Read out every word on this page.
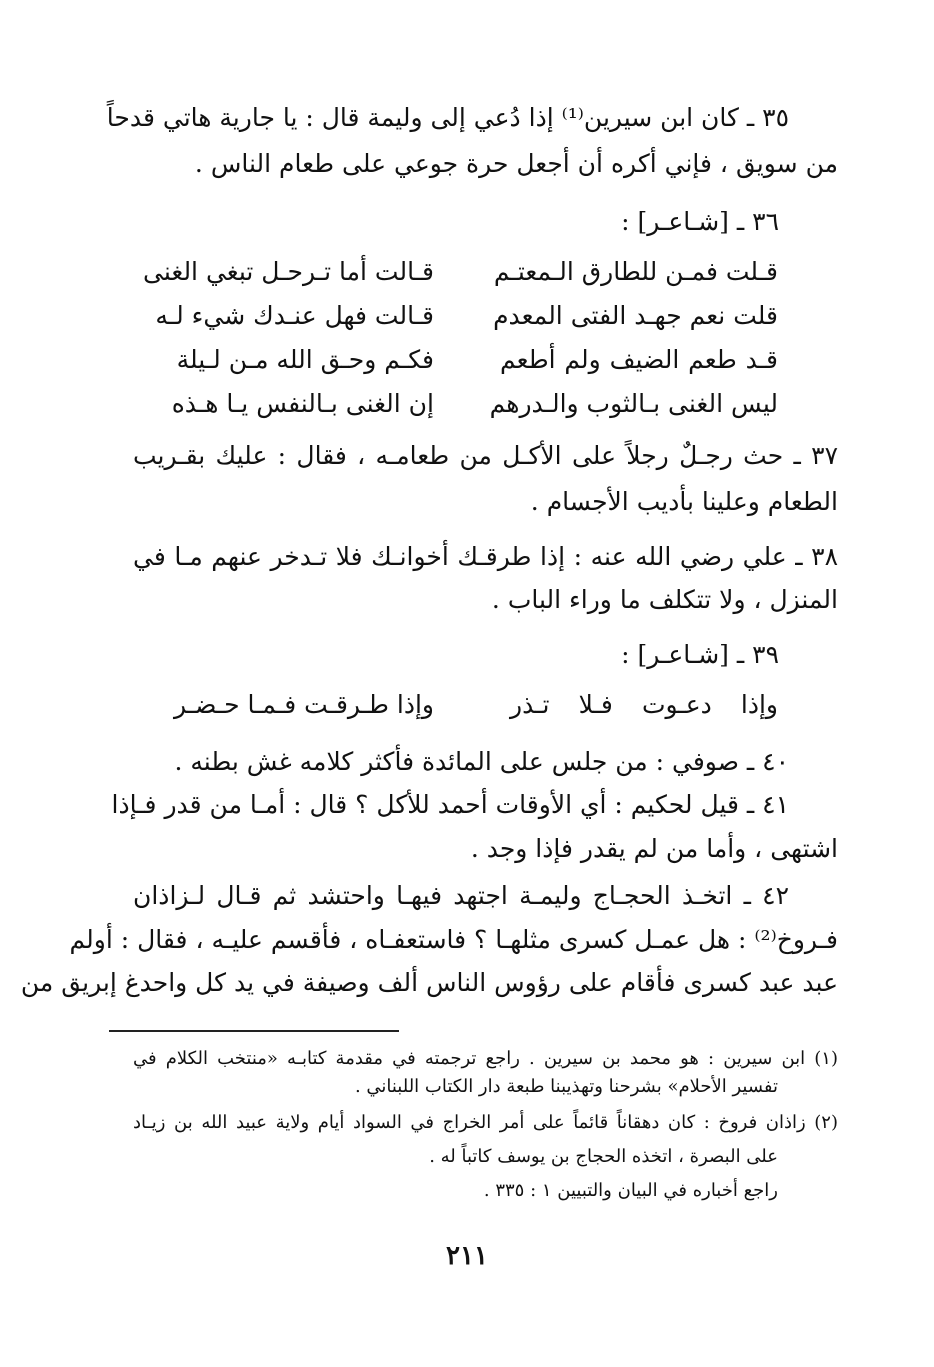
٣٥ ـ كان ابن سيرين⁽¹⁾ إذا دُعي إلى وليمة قال : يا جارية هاتي قدحاً
من سويق ، فإني أكره أن أجعل حرة جوعي على طعام الناس .
٣٦ ـ [شـاعـر] :
قـالت أما تـرحـل تبغي الغنى قـلت فمـن للطارق الـمعتـم
قـالت فهل عنـدك شيء لـه قلت نعم جهـد الفتى المعدم
فكـم وحـق الله مـن لـيلة	قـد طعم الضيف ولم أطعم
إن الغنى بـالنفس يـا هـذه ليس الغنى بـالثوب والـدرهم
٣٧ ـ حث رجـلٌ رجلاً على الأكـل من طعامـه ، فقال : عليك بقـريب
الطعام وعلينا بأديب الأجسام .
٣٨ ـ علي رضي الله عنه : إذا طرقـك أخوانـك فلا تـدخر عنهم مـا في
المنزل ، ولا تتكلف ما وراء الباب .
٣٩ ـ [شـاعـر] :
وإذا دعـوت فـلا تـذر
وإذا طـرقـت فـمـا حـضـر
٤٠ ـ صوفي : من جلس على المائدة فأكثر كلامه غش بطنه .
٤١ ـ قيل لحكيم : أي الأوقات أحمد للأكل ؟ قال : أمـا من قدر فـإذا
اشتهى ، وأما من لم يقدر فإذا وجد .
٤٢ ـ اتخـذ الحجـاج وليمـة اجتهد فيهـا واحتشد ثم قـال لـزاذان
فـروخ⁽²⁾ : هل عمـل كسرى مثلهـا ؟ فاستعفـاه ، فأقسم عليـه ، فقال : أولم
عبد عبد كسرى فأقام على رؤوس الناس ألف وصيفة في يد كل واحدغ إبريق من
(١) ابن سيرين : هو محمد بن سيرين . راجع ترجمته في مقدمة كتابـه «منتخب الكلام في
تفسير الأحلام» بشرحنا وتهذيبنا طبعة دار الكتاب اللبناني .
(٢) زاذان فروخ : كان دهقاناً قائماً على أمر الخراج في السواد أيام ولاية عبيد الله بن زيـاد
على البصرة ، اتخذه الحجاج بن يوسف كاتباً له .
راجع أخباره في البيان والتبيين ١ : ٣٣٥ .
٢١١
